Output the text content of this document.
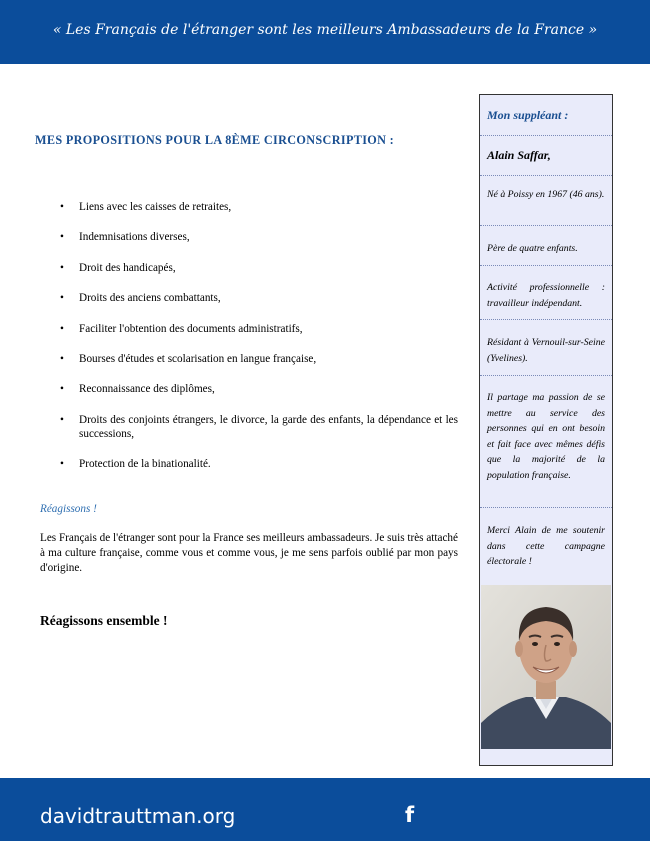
« Les Français de l'étranger sont les meilleurs Ambassadeurs de la France »
MES PROPOSITIONS POUR LA 8ÈME CIRCONSCRIPTION :
• Liens avec les caisses de retraites,
• Indemnisations diverses,
• Droit des handicapés,
• Droits des anciens combattants,
• Faciliter l'obtention des documents administratifs,
• Bourses d'études et scolarisation en langue française,
• Reconnaissance des diplômes,
• Droits des conjoints étrangers, le divorce, la garde des enfants, la dépendance et les successions,
• Protection de la binationalité.
Réagissons !
Les Français de l'étranger sont pour la France ses meilleurs ambassadeurs. Je suis très attaché à ma culture française, comme vous et comme vous, je me sens parfois oublié par mon pays d'origine.
Réagissons ensemble !
Mon suppléant :
Alain Saffar,
Né à Poissy en 1967 (46 ans).
Père de quatre enfants.
Activité professionnelle : travailleur indépendant.
Résidant à Vernouil-sur-Seine (Yvelines).
Il partage ma passion de se mettre au service des personnes qui en ont besoin et fait face avec mêmes défis que la majorité de la population française.
Merci Alain de me soutenir dans cette campagne électorale !
davidtrauttman.org	f
